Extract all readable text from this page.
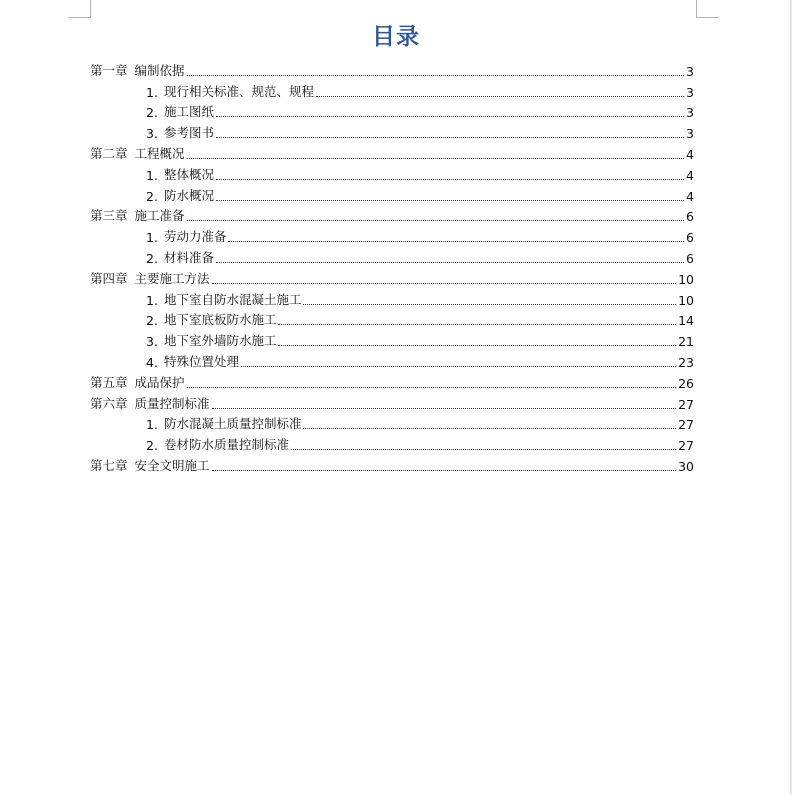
目录
第一章 编制依据	3
1. 现行相关标准、规范、规程	3
2. 施工图纸	3
3. 参考图书	3
第二章 工程概况	4
1. 整体概况	4
2. 防水概况	4
第三章 施工准备	6
1. 劳动力准备	6
2. 材料准备	6
第四章 主要施工方法	10
1. 地下室自防水混凝土施工	10
2. 地下室底板防水施工	14
3. 地下室外墙防水施工	21
4. 特殊位置处理	23
第五章 成品保护	26
第六章 质量控制标准	27
1. 防水混凝土质量控制标准	27
2. 卷材防水质量控制标准	27
第七章 安全文明施工	30
